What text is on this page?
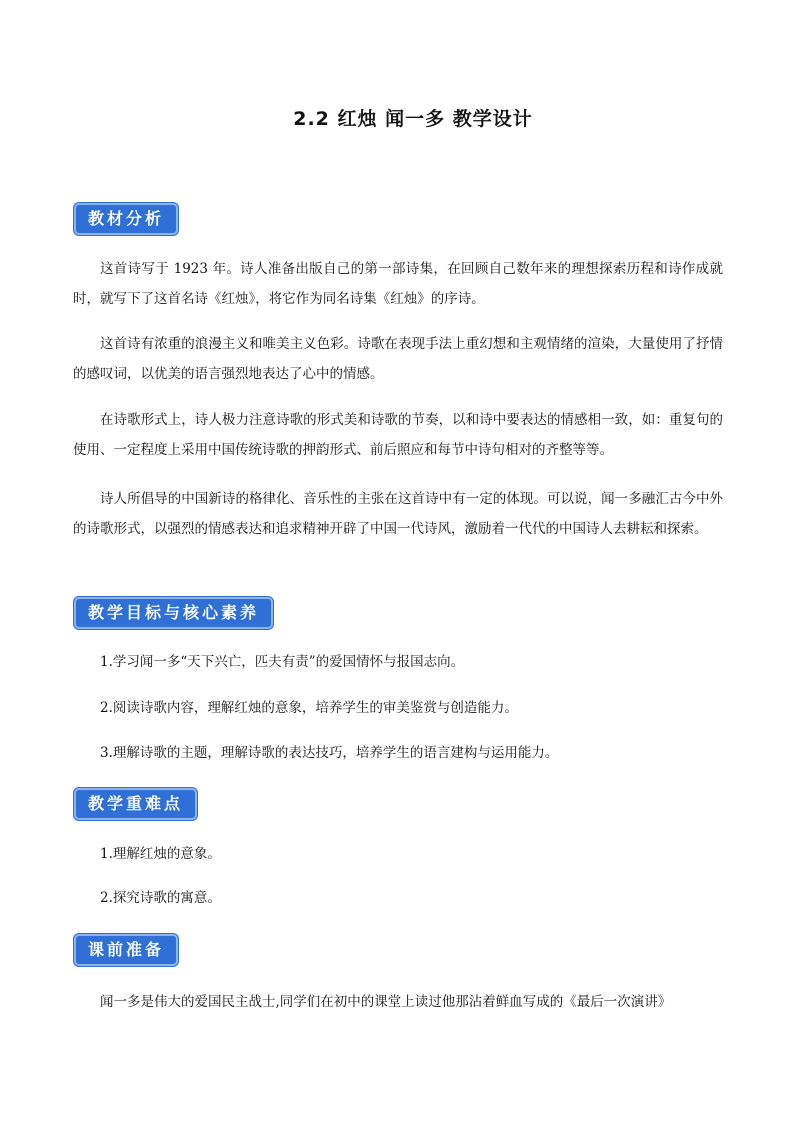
2.2 红烛 闻一多 教学设计
教材分析

这首诗写于 1923 年。诗人准备出版自己的第一部诗集，在回顾自己数年来的理想探索历程和诗作成就时，就写下了这首名诗《红烛》，将它作为同名诗集《红烛》的序诗。

这首诗有浓重的浪漫主义和唯美主义色彩。诗歌在表现手法上重幻想和主观情绪的渲染，大量使用了抒情的感叹词，以优美的语言强烈地表达了心中的情感。

在诗歌形式上，诗人极力注意诗歌的形式美和诗歌的节奏，以和诗中要表达的情感相一致，如：重复句的使用、一定程度上采用中国传统诗歌的押韵形式、前后照应和每节中诗句相对的齐整等等。

诗人所倡导的中国新诗的格律化、音乐性的主张在这首诗中有一定的体现。可以说，闻一多融汇古今中外的诗歌形式，以强烈的情感表达和追求精神开辟了中国一代诗风，激励着一代代的中国诗人去耕耘和探索。

教学目标与核心素养
1.学习闻一多“天下兴亡，匹夫有责”的爱国情怀与报国志向。
2.阅读诗歌内容，理解红烛的意象，培养学生的审美鉴赏与创造能力。
3.理解诗歌的主题，理解诗歌的表达技巧，培养学生的语言建构与运用能力。
教学重难点
1.理解红烛的意象。
2.探究诗歌的寓意。
课前准备

闻一多是伟大的爱国民主战士,同学们在初中的课堂上读过他那沾着鲜血写成的《最后一次演讲》
